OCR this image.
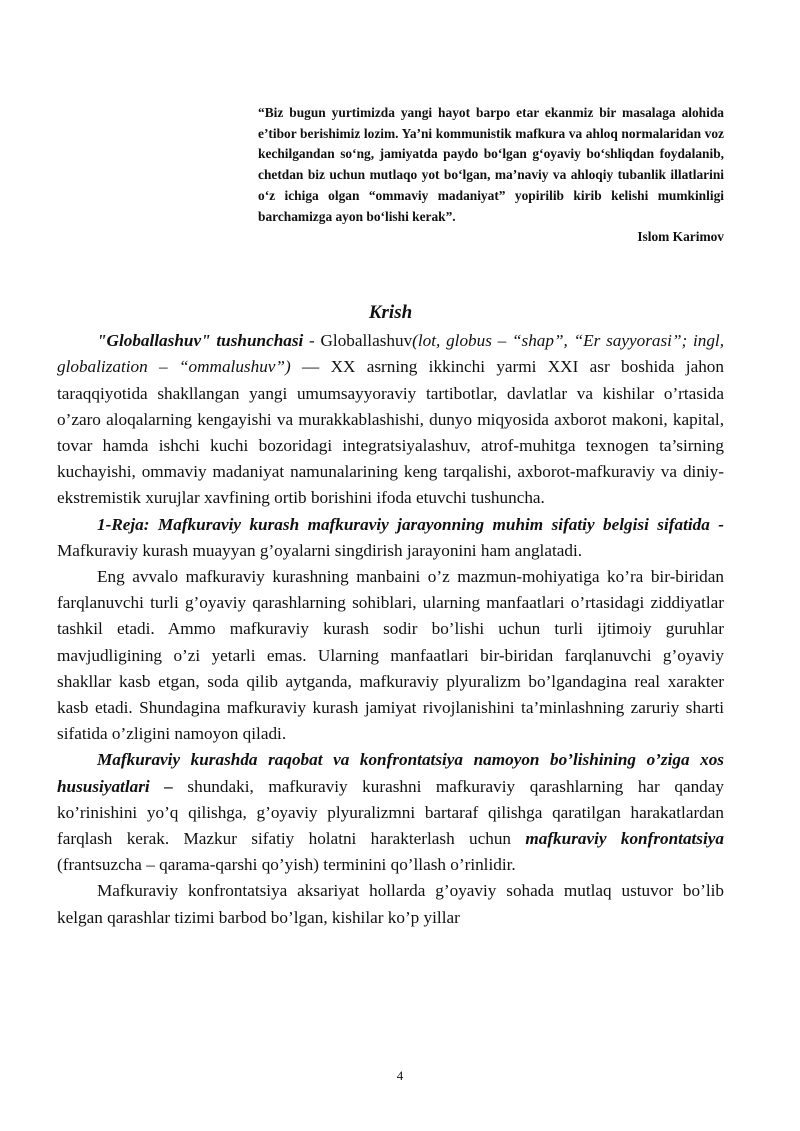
“Biz bugun yurtimizda yangi hayot barpo etar ekanmiz bir masalaga alohida e’tibor berishimiz lozim. Ya’ni kommunistik mafkura va ahloq normalaridan voz kechilgandan so‘ng, jamiyatda paydo bo‘lgan g‘oyaviy bo‘shliqdan foydalanib, chetdan biz uchun mutlaqo yot bo‘lgan, ma’naviy va ahloqiy tubanlik illatlarini o‘z ichiga olgan “ommaviy madaniyat” yopirilib kirib kelishi mumkinligi barchamizga ayon bo‘lishi kerak”.
Islom Karimov
Krish

"Globallashuv" tushunchasi - Globallashuv(lot, globus – “shap”, “Er sayyorasi”; ingl, globalization – “ommalushuv”) — XX asrning ikkinchi yarmi XXI asr boshida jahon taraqqiyotida shakllangan yangi umumsayyoraviy tartibotlar, davlatlar va kishilar o’rtasida o’zaro aloqalarning kengayishi va murakkablashishi, dunyo miqyosida axborot makoni, kapital, tovar hamda ishchi kuchi bozoridagi integratsiyalashuv, atrof-muhitga texnogen ta’sirning kuchayishi, ommaviy madaniyat namunalarining keng tarqalishi, axborot-mafkuraviy va diniy-ekstremistik xurujlar xavfining ortib borishini ifoda etuvchi tushuncha.

1-Reja: Mafkuraviy kurash mafkuraviy jarayonning muhim sifatiy belgisi sifatida - Mafkuraviy kurash muayyan g’oyalarni singdirish jarayonini ham anglatadi.

Eng avvalo mafkuraviy kurashning manbaini o’z mazmun-mohiyatiga ko’ra bir-biridan farqlanuvchi turli g’oyaviy qarashlarning sohiblari, ularning manfaatlari o’rtasidagi ziddiyatlar tashkil etadi. Ammo mafkuraviy kurash sodir bo’lishi uchun turli ijtimoiy guruhlar mavjudligining o’zi yetarli emas. Ularning manfaatlari bir-biridan farqlanuvchi g’oyaviy shakllar kasb etgan, soda qilib aytganda, mafkuraviy plyuralizm bo’lgandagina real xarakter kasb etadi. Shundagina mafkuraviy kurash jamiyat rivojlanishini ta’minlashning zaruriy sharti sifatida o’zligini namoyon qiladi.

Mafkuraviy kurashda raqobat va konfrontatsiya namoyon bo’lishining o’ziga xos hususiyatlari – shundaki, mafkuraviy kurashni mafkuraviy qarashlarning har qanday ko’rinishini yo’q qilishga, g’oyaviy plyuralizmni bartaraf qilishga qaratilgan harakatlardan farqlash kerak. Mazkur sifatiy holatni harakterlash uchun mafkuraviy konfrontatsiya (frantsuzcha – qarama-qarshi qo’yish) terminini qo’llash o’rinlidir.

Mafkuraviy konfrontatsiya aksariyat hollarda g’oyaviy sohada mutlaq ustuvor bo’lib kelgan qarashlar tizimi barbod bo’lgan, kishilar ko’p yillar

4
